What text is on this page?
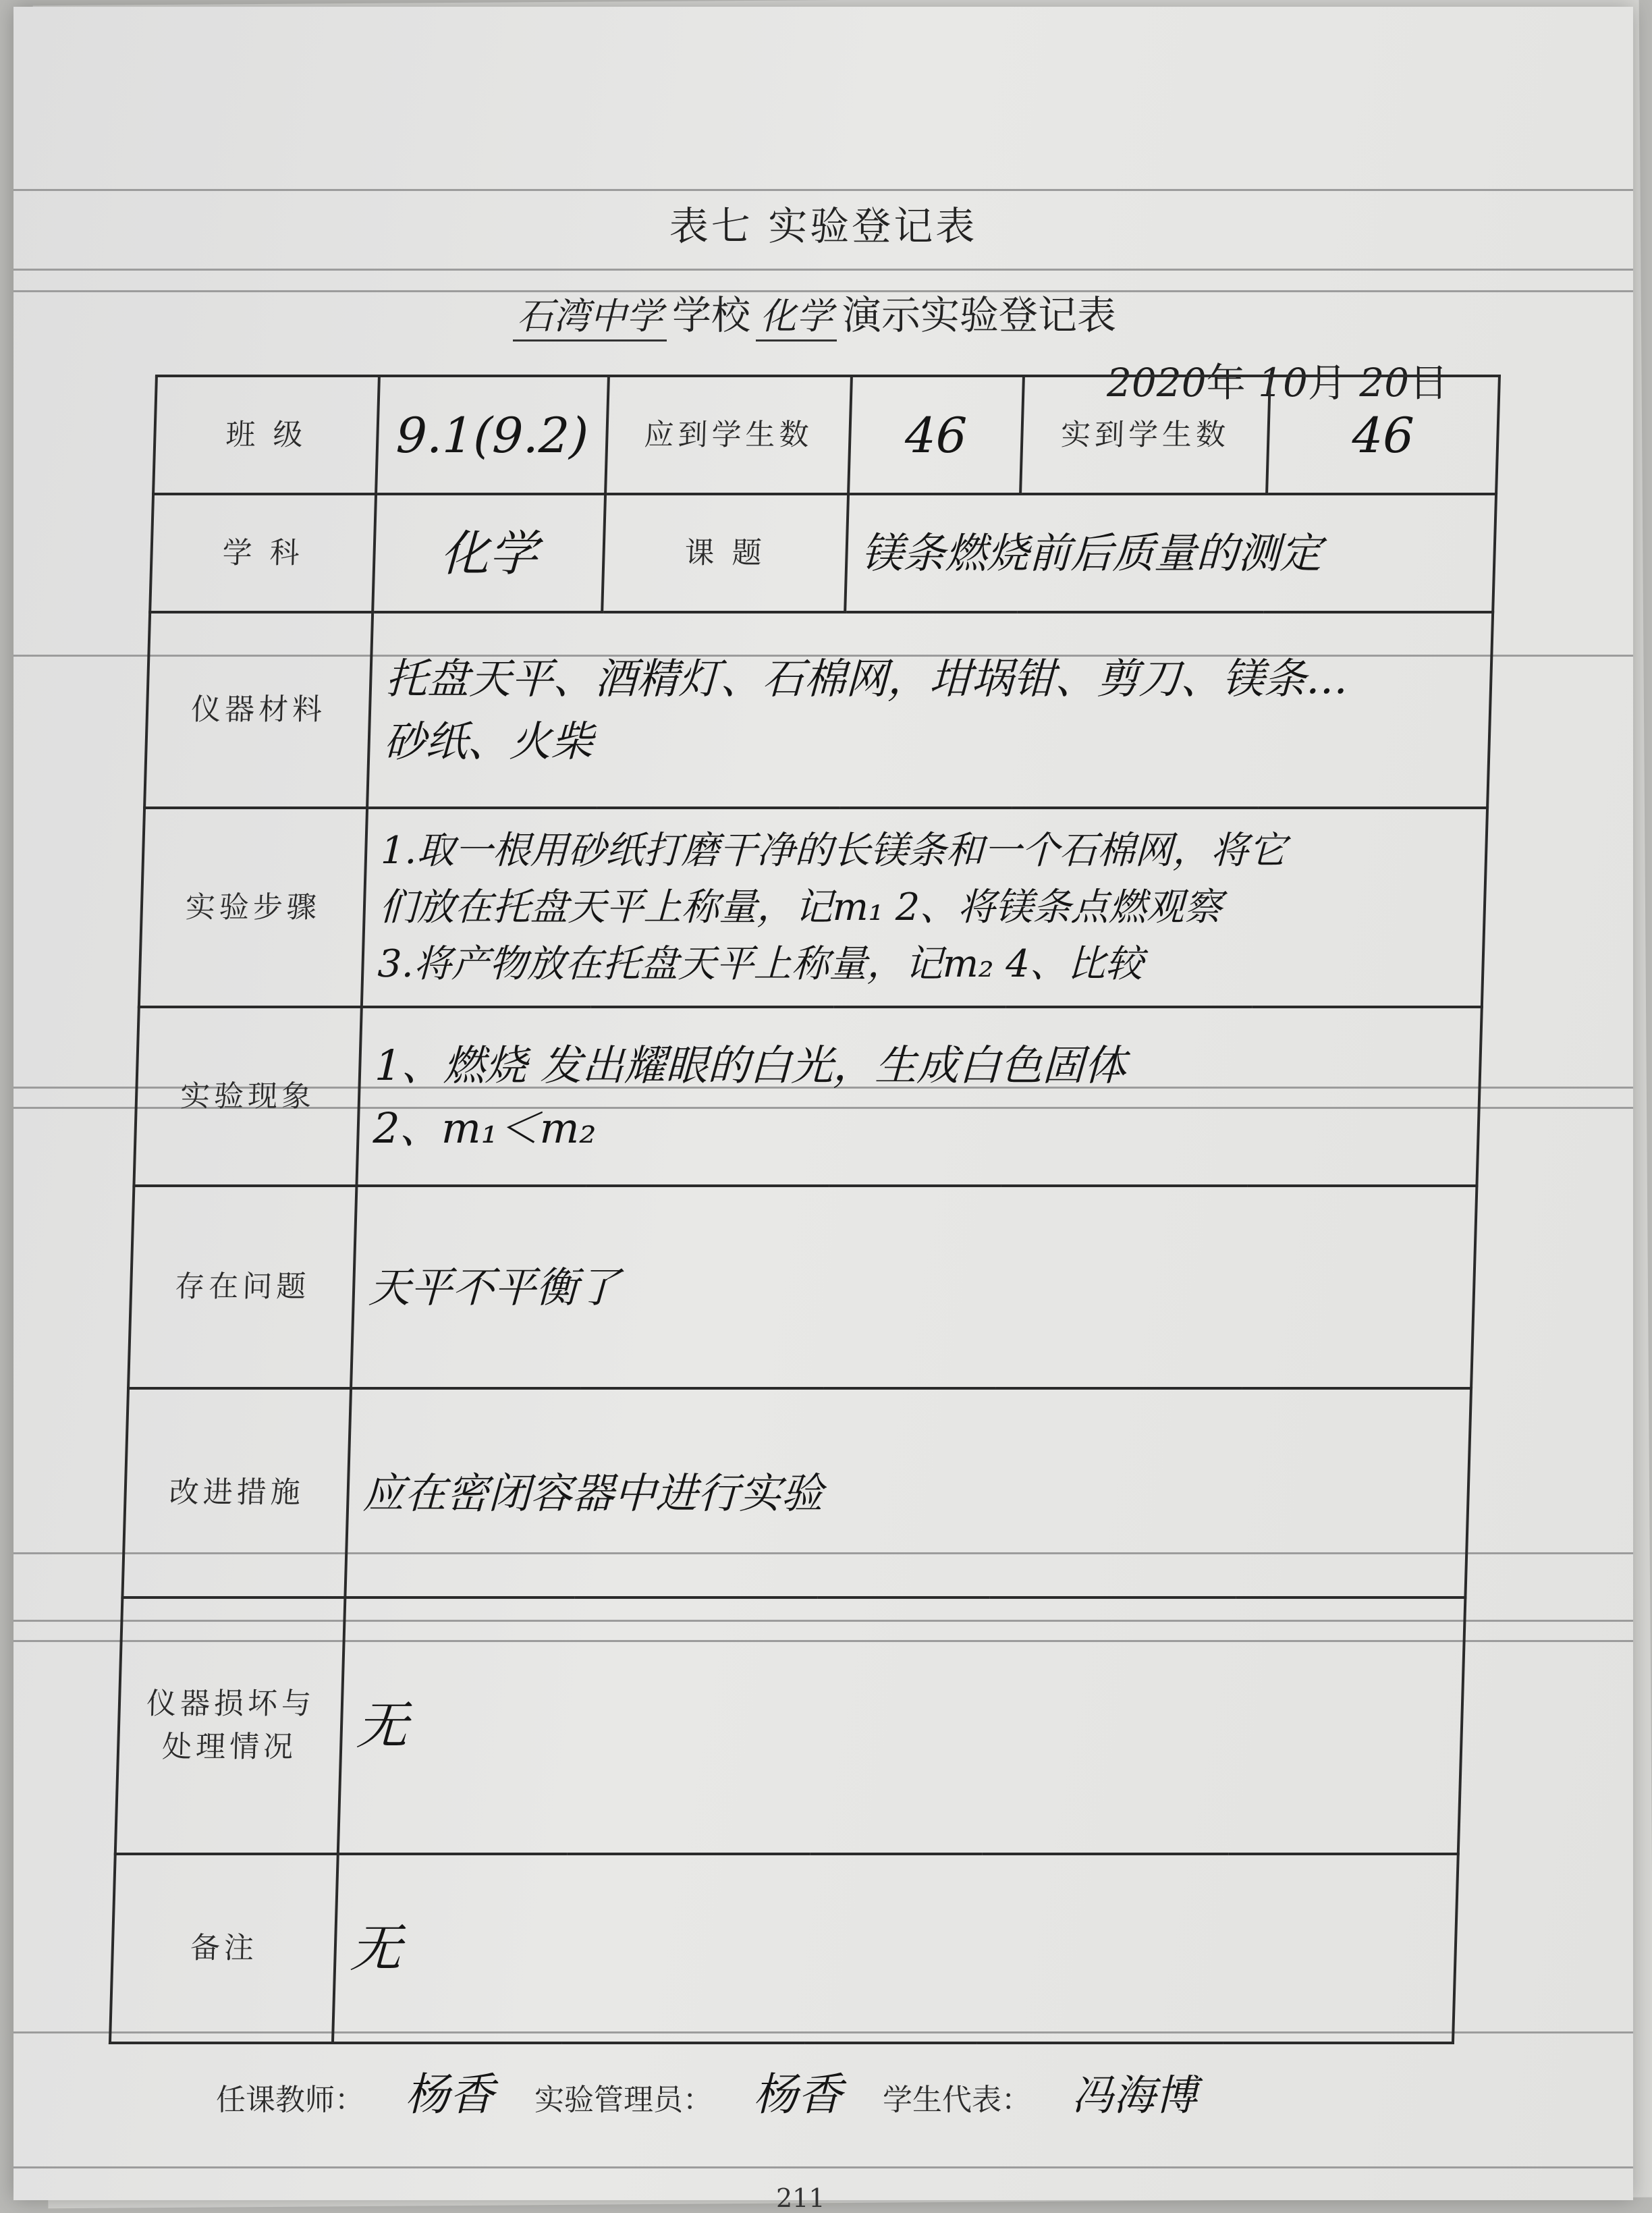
表七 实验登记表
石湾中学 学校 化学 演示实验登记表
2020年 10月 20日
班 级	9.1(9.2)	应到学生数	46	实到学生数	46
学 科	化学	课 题	镁条燃烧前后质量的测定		
仪器材料	托盘天平、酒精灯、石棉网，坩埚钳、剪刀、镁条…
砂纸、火柴				

实验步骤	1.取一根用砂纸打磨干净的长镁条和一个石棉网，将它
们放在托盘天平上称量，记m₁ 2、将镁条点燃观察
3.将产物放在托盘天平上称量，记m₂ 4、比较				

实验现象	1、燃烧 发出耀眼的白光，生成白色固体
2、m₁＜m₂				

存在问题	天平不平衡了				
改进措施	应在密闭容器中进行实验				
仪器损坏与处理情况	无				
备注	无				
任课教师： 杨香 实验管理员： 杨香 学生代表： 冯海博
211
